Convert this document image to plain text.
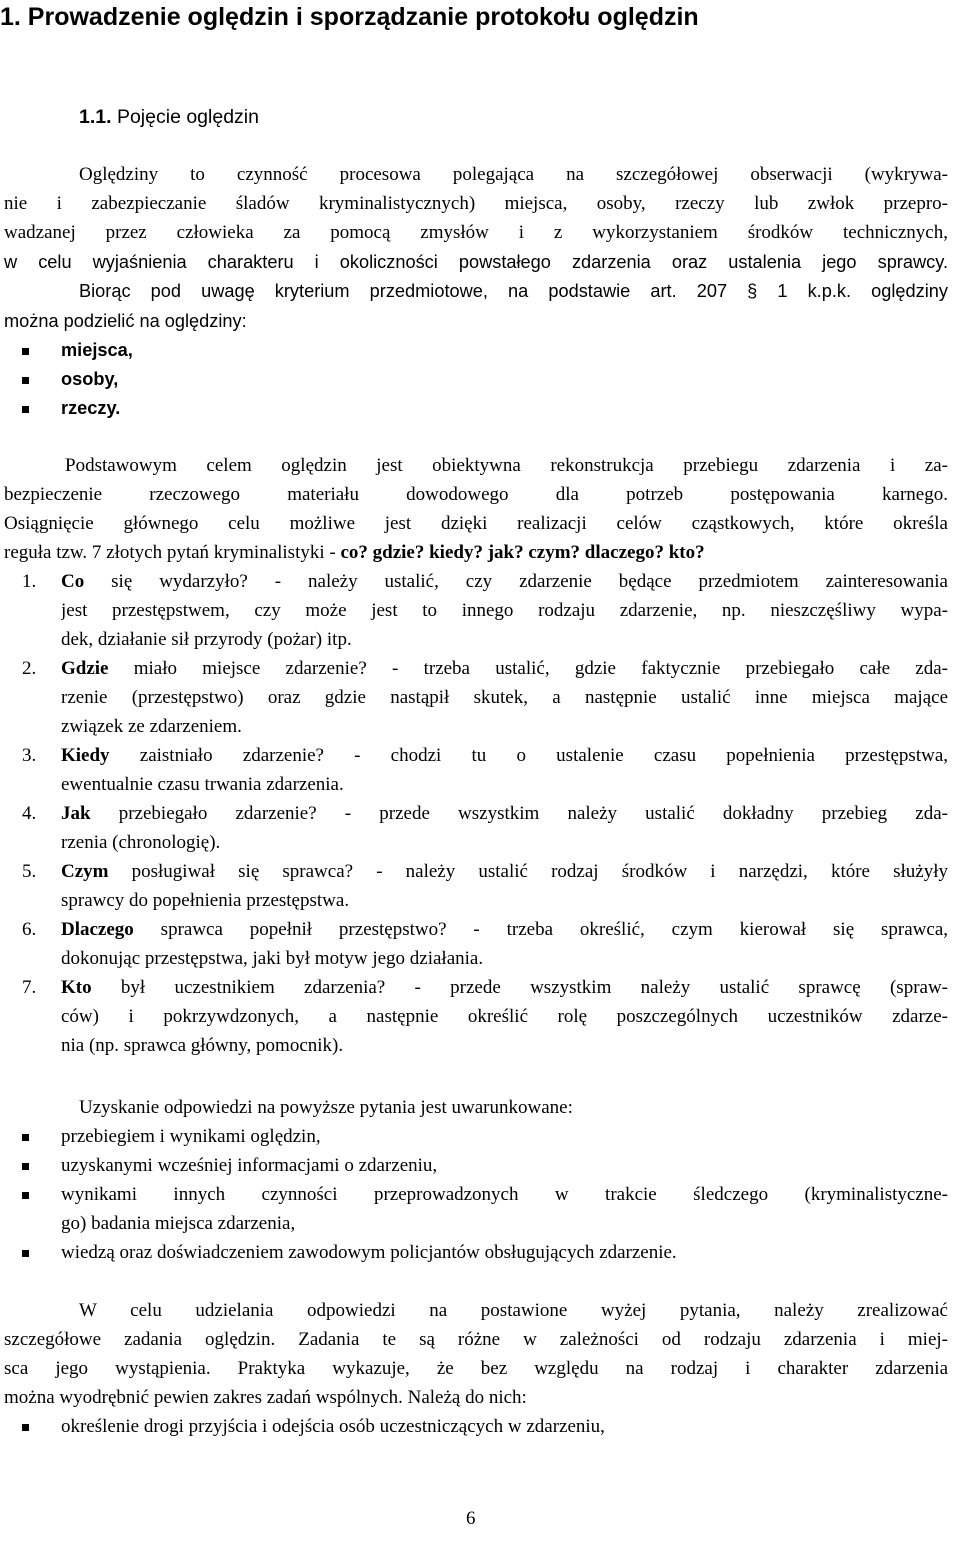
1. Prowadzenie oględzin i sporządzanie protokołu oględzin
1.1. Pojęcie oględzin
Oględziny to czynność procesowa polegająca na szczegółowej obserwacji (wykrywa-
nie i zabezpieczanie śladów kryminalistycznych) miejsca, osoby, rzeczy lub zwłok przepro-
wadzanej przez człowieka za pomocą zmysłów i z wykorzystaniem środków technicznych,
w celu wyjaśnienia charakteru i okoliczności powstałego zdarzenia oraz ustalenia jego sprawcy.
Biorąc pod uwagę kryterium przedmiotowe, na podstawie art. 207 § 1 k.p.k. oględziny
można podzielić na oględziny:
miejsca,
osoby,
rzeczy.
Podstawowym celem oględzin jest obiektywna rekonstrukcja przebiegu zdarzenia i za-
bezpieczenie rzeczowego materiału dowodowego dla potrzeb postępowania karnego.
Osiągnięcie głównego celu możliwe jest dzięki realizacji celów cząstkowych, które określa
reguła tzw. 7 złotych pytań kryminalistyki - co? gdzie? kiedy? jak? czym? dlaczego? kto?
1. Co się wydarzyło? - należy ustalić, czy zdarzenie będące przedmiotem zainteresowania
jest przestępstwem, czy może jest to innego rodzaju zdarzenie, np. nieszczęśliwy wypa-
dek, działanie sił przyrody (pożar) itp.
2. Gdzie miało miejsce zdarzenie? - trzeba ustalić, gdzie faktycznie przebiegało całe zda-
rzenie (przestępstwo) oraz gdzie nastąpił skutek, a następnie ustalić inne miejsca mające
związek ze zdarzeniem.
3. Kiedy zaistniało zdarzenie? - chodzi tu o ustalenie czasu popełnienia przestępstwa,
ewentualnie czasu trwania zdarzenia.
4. Jak przebiegało zdarzenie? - przede wszystkim należy ustalić dokładny przebieg zda-
rzenia (chronologię).
5. Czym posługiwał się sprawca? - należy ustalić rodzaj środków i narzędzi, które służyły
sprawcy do popełnienia przestępstwa.
6. Dlaczego sprawca popełnił przestępstwo? - trzeba określić, czym kierował się sprawca,
dokonując przestępstwa, jaki był motyw jego działania.
7. Kto był uczestnikiem zdarzenia? - przede wszystkim należy ustalić sprawcę (spraw-
ców) i pokrzywdzonych, a następnie określić rolę poszczególnych uczestników zdarze-
nia (np. sprawca główny, pomocnik).
Uzyskanie odpowiedzi na powyższe pytania jest uwarunkowane:
przebiegiem i wynikami oględzin,
uzyskanymi wcześniej informacjami o zdarzeniu,
wynikami innych czynności przeprowadzonych w trakcie śledczego (kryminalistyczne-
go) badania miejsca zdarzenia,
wiedzą oraz doświadczeniem zawodowym policjantów obsługujących zdarzenie.
W celu udzielania odpowiedzi na postawione wyżej pytania, należy zrealizować
szczegółowe zadania oględzin. Zadania te są różne w zależności od rodzaju zdarzenia i miej-
sca jego wystąpienia. Praktyka wykazuje, że bez względu na rodzaj i charakter zdarzenia
można wyodrębnić pewien zakres zadań wspólnych. Należą do nich:
określenie drogi przyjścia i odejścia osób uczestniczących w zdarzeniu,
6
